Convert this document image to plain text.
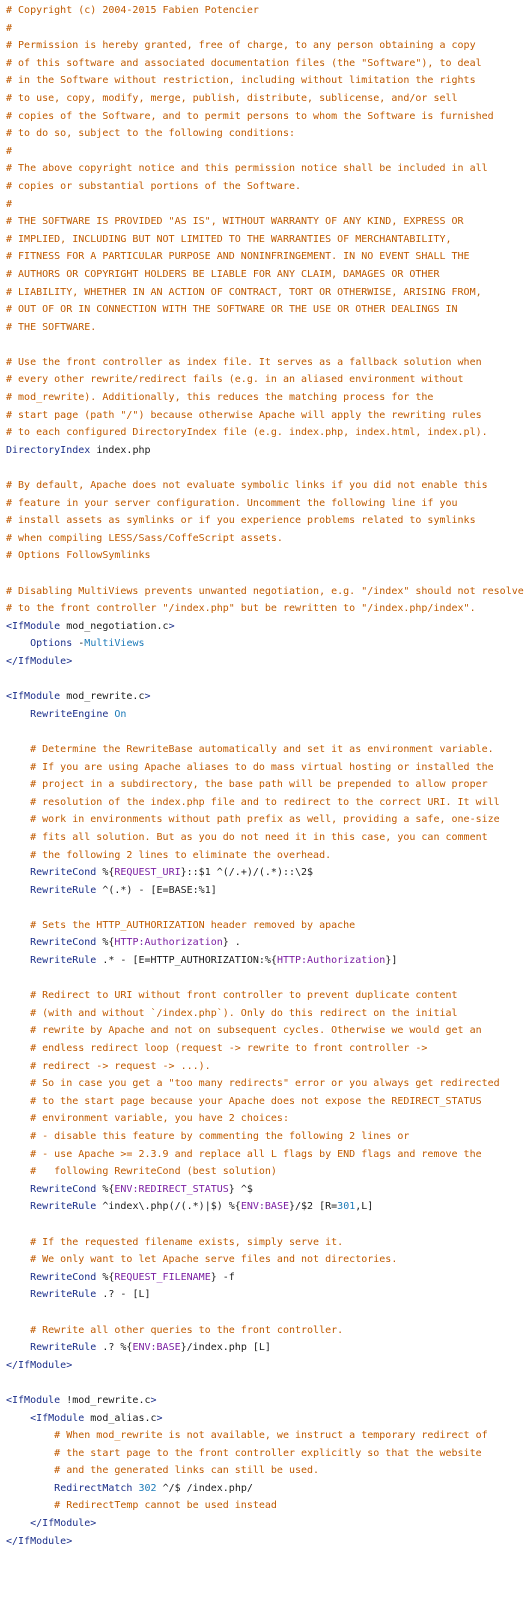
# Copyright (c) 2004-2015 Fabien Potencier
#
# Permission is hereby granted, free of charge, to any person obtaining a copy
# of this software and associated documentation files (the "Software"), to deal
# in the Software without restriction, including without limitation the rights
# to use, copy, modify, merge, publish, distribute, sublicense, and/or sell
# copies of the Software, and to permit persons to whom the Software is furnished
# to do so, subject to the following conditions:
#
# The above copyright notice and this permission notice shall be included in all
# copies or substantial portions of the Software.
#
# THE SOFTWARE IS PROVIDED "AS IS", WITHOUT WARRANTY OF ANY KIND, EXPRESS OR
# IMPLIED, INCLUDING BUT NOT LIMITED TO THE WARRANTIES OF MERCHANTABILITY,
# FITNESS FOR A PARTICULAR PURPOSE AND NONINFRINGEMENT. IN NO EVENT SHALL THE
# AUTHORS OR COPYRIGHT HOLDERS BE LIABLE FOR ANY CLAIM, DAMAGES OR OTHER
# LIABILITY, WHETHER IN AN ACTION OF CONTRACT, TORT OR OTHERWISE, ARISING FROM,
# OUT OF OR IN CONNECTION WITH THE SOFTWARE OR THE USE OR OTHER DEALINGS IN
# THE SOFTWARE.

# Use the front controller as index file. It serves as a fallback solution when
# every other rewrite/redirect fails (e.g. in an aliased environment without
# mod_rewrite). Additionally, this reduces the matching process for the
# start page (path "/") because otherwise Apache will apply the rewriting rules
# to each configured DirectoryIndex file (e.g. index.php, index.html, index.pl).
DirectoryIndex index.php

# By default, Apache does not evaluate symbolic links if you did not enable this
# feature in your server configuration. Uncomment the following line if you
# install assets as symlinks or if you experience problems related to symlinks
# when compiling LESS/Sass/CoffeScript assets.
# Options FollowSymlinks

# Disabling MultiViews prevents unwanted negotiation, e.g. "/index" should not resolve
# to the front controller "/index.php" but be rewritten to "/index.php/index".
<IfModule mod_negotiation.c>
Options -MultiViews
</IfModule>

<IfModule mod_rewrite.c>
RewriteEngine On

# Determine the RewriteBase automatically and set it as environment variable.
# If you are using Apache aliases to do mass virtual hosting or installed the
# project in a subdirectory, the base path will be prepended to allow proper
# resolution of the index.php file and to redirect to the correct URI. It will
# work in environments without path prefix as well, providing a safe, one-size
# fits all solution. But as you do not need it in this case, you can comment
# the following 2 lines to eliminate the overhead.
RewriteCond %{REQUEST_URI}::$1 ^(/.+)/(.*)::\2$
RewriteRule ^(.*) - [E=BASE:%1]

# Sets the HTTP_AUTHORIZATION header removed by apache
RewriteCond %{HTTP:Authorization} .
RewriteRule .* - [E=HTTP_AUTHORIZATION:%{HTTP:Authorization}]

# Redirect to URI without front controller to prevent duplicate content
# (with and without `/index.php`). Only do this redirect on the initial
# rewrite by Apache and not on subsequent cycles. Otherwise we would get an
# endless redirect loop (request -> rewrite to front controller ->
# redirect -> request -> ...).
# So in case you get a "too many redirects" error or you always get redirected
# to the start page because your Apache does not expose the REDIRECT_STATUS
# environment variable, you have 2 choices:
# - disable this feature by commenting the following 2 lines or
# - use Apache >= 2.3.9 and replace all L flags by END flags and remove the
#   following RewriteCond (best solution)
RewriteCond %{ENV:REDIRECT_STATUS} ^$
RewriteRule ^index\.php(/(.*)|$) %{ENV:BASE}/$2 [R=301,L]

# If the requested filename exists, simply serve it.
# We only want to let Apache serve files and not directories.
RewriteCond %{REQUEST_FILENAME} -f
RewriteRule .? - [L]

# Rewrite all other queries to the front controller.
RewriteRule .? %{ENV:BASE}/index.php [L]
</IfModule>

<IfModule !mod_rewrite.c>
<IfModule mod_alias.c>
# When mod_rewrite is not available, we instruct a temporary redirect of
# the start page to the front controller explicitly so that the website
# and the generated links can still be used.
RedirectMatch 302 ^/$ /index.php/
# RedirectTemp cannot be used instead
</IfModule>
</IfModule>
